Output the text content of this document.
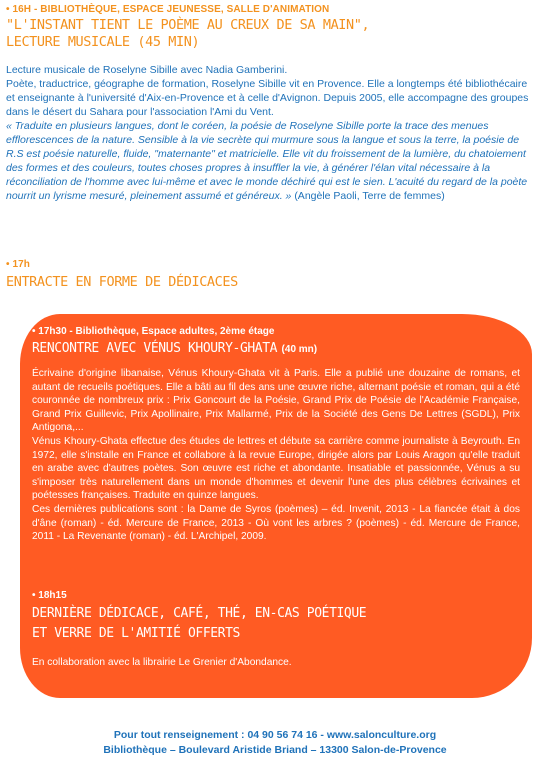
• 16H - BIBLIOTHÈQUE, ESPACE JEUNESSE, SALLE D'ANIMATION
"L'INSTANT TIENT LE POÈME AU CREUX DE SA MAIN",
LECTURE MUSICALE (45 MIN)
Lecture musicale de Roselyne Sibille avec Nadia Gamberini.
Poète, traductrice, géographe de formation, Roselyne Sibille vit en Provence. Elle a longtemps été bibliothécaire et enseignante à l'université d'Aix-en-Provence et à celle d'Avignon. Depuis 2005, elle accompagne des groupes dans le désert du Sahara pour l'association l'Ami du Vent.
« Traduite en plusieurs langues, dont le coréen, la poésie de Roselyne Sibille porte la trace des menues efflorescences de la nature. Sensible à la vie secrète qui murmure sous la langue et sous la terre, la poésie de R.S est poésie naturelle, fluide, "maternante" et matricielle. Elle vit du froissement de la lumière, du chatoiement des formes et des couleurs, toutes choses propres à insuffler la vie, à générer l'élan vital nécessaire à la réconciliation de l'homme avec lui-même et avec le monde déchiré qui est le sien. L'acuité du regard de la poète nourrit un lyrisme mesuré, pleinement assumé et généreux. » (Angèle Paoli, Terre de femmes)
• 17h
ENTRACTE EN FORME DE DÉDICACES
• 17h30 - Bibliothèque, Espace adultes, 2ème étage
RENCONTRE AVEC VÉNUS KHOURY-GHATA (40 mn)
Écrivaine d'origine libanaise, Vénus Khoury-Ghata vit à Paris. Elle a publié une douzaine de romans, et autant de recueils poétiques. Elle a bâti au fil des ans une œuvre riche, alternant poésie et roman, qui a été couronnée de nombreux prix : Prix Goncourt de la Poésie, Grand Prix de Poésie de l'Académie Française, Grand Prix Guillevic, Prix Apollinaire, Prix Mallarmé, Prix de la Société des Gens De Lettres (SGDL), Prix Antigona,...
Vénus Khoury-Ghata effectue des études de lettres et débute sa carrière comme journaliste à Beyrouth. En 1972, elle s'installe en France et collabore à la revue Europe, dirigée alors par Louis Aragon qu'elle traduit en arabe avec d'autres poètes. Son œuvre est riche et abondante. Insatiable et passionnée, Vénus a su s'imposer très naturellement dans un monde d'hommes et devenir l'une des plus célèbres écrivaines et poétesses françaises. Traduite en quinze langues.
Ces dernières publications sont : la Dame de Syros (poèmes) – éd. Invenit, 2013 - La fiancée était à dos d'âne (roman) - éd. Mercure de France, 2013 - Où vont les arbres ? (poèmes) - éd. Mercure de France, 2011 - La Revenante (roman) - éd. L'Archipel, 2009.
• 18h15
DERNIÈRE DÉDICACE, CAFÉ, THÉ, EN-CAS POÉTIQUE
ET VERRE DE L'AMITIÉ OFFERTS
En collaboration avec la librairie Le Grenier d'Abondance.
Pour tout renseignement : 04 90 56 74 16 - www.salonculture.org
Bibliothèque – Boulevard Aristide Briand – 13300 Salon-de-Provence
